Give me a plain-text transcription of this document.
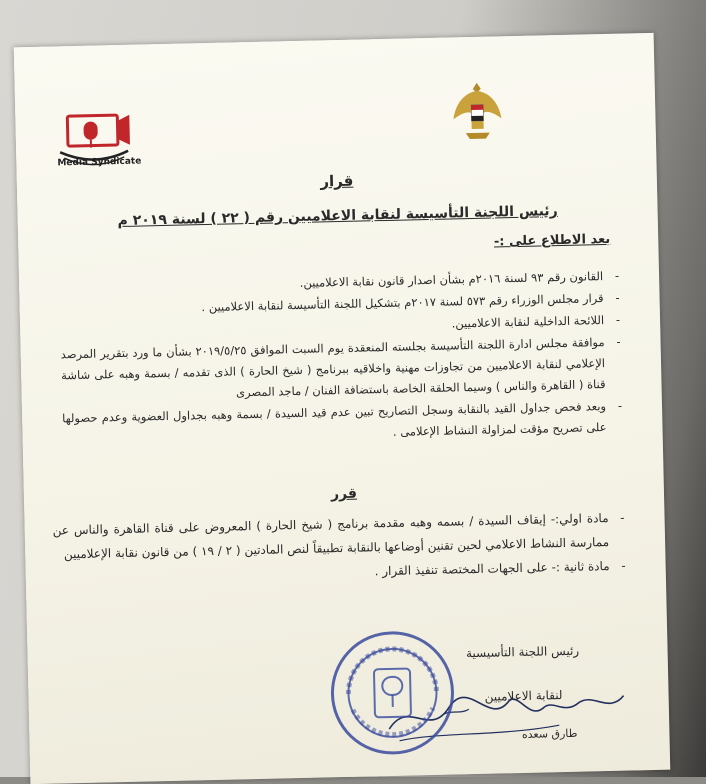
Media Syndicate
قرار
رئيس اللجنة التأسيسة لنقابة الاعلاميين رقم ( ٢٢ ) لسنة ٢٠١٩ م
بعد الاطلاع على :-
- القانون رقم ٩٣ لسنة ٢٠١٦م بشأن اصدار قانون نقابة الاعلاميين.
- قرار مجلس الوزراء رقم ٥٧٣ لسنة ٢٠١٧م بتشكيل اللجنة التأسيسة لنقابة الاعلاميين .
- اللائحة الداخلية لنقابة الاعلاميين.
- موافقة مجلس ادارة اللجنة التأسيسة بجلسته المنعقدة يوم السبت الموافق ٢٠١٩/٥/٢٥ بشأن ما ورد بتقرير المرصد الإعلامي لنقابة الاعلاميين من تجاوزات مهنية واخلاقيه ببرنامج ( شيخ الحارة ) الذى تقدمه / بسمة وهبه على شاشة قناة ( القاهرة والناس ) وسيما الحلقة الخاصة باستضافة الفنان / ماجد المصرى
- وبعد فحص جداول القيد بالنقابة وسجل التصاريح تبين عدم قيد السيدة / بسمة وهبه بجداول العضوية وعدم حصولها على تصريح مؤقت لمزاولة النشاط الإعلامى .
قرر
- مادة اولي:- إيقاف السيدة / بسمه وهبه مقدمة برنامج ( شيخ الحارة ) المعروض على قناة القاهرة والناس عن ممارسة النشاط الاعلامي لحين تقنين أوضاعها بالنقابة تطبيقاً لنص المادتين ( ٢ / ١٩ ) من قانون نقابة الإعلاميين
- مادة ثانية :- على الجهات المختصة تنفيذ القرار .
رئيس اللجنة التأسيسية
لنقابة الاعلاميين
طارق سعده
